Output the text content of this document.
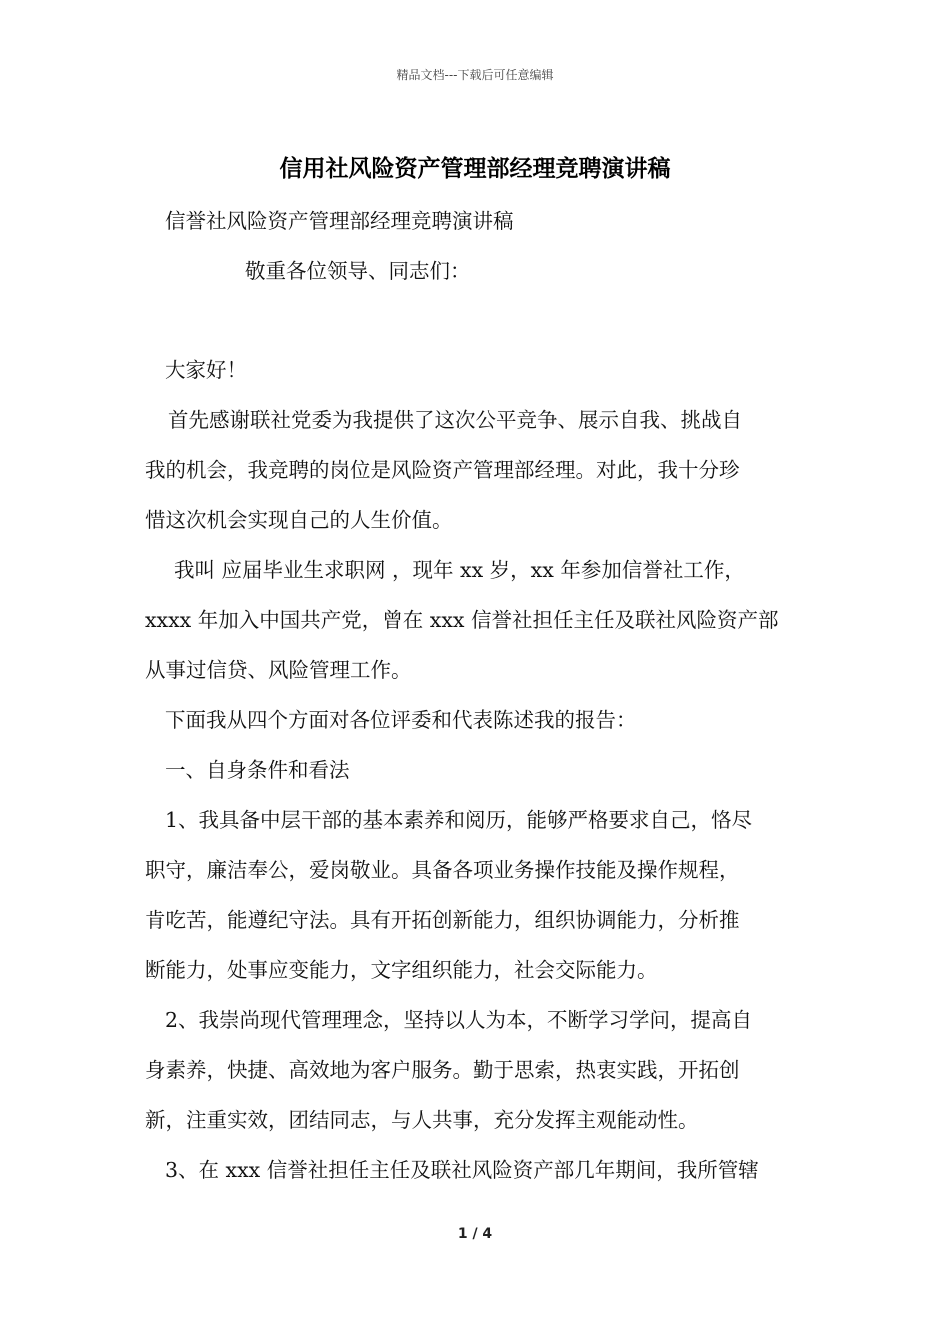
精品文档---下载后可任意编辑
信用社风险资产管理部经理竞聘演讲稿
信誉社风险资产管理部经理竞聘演讲稿
敬重各位领导、同志们：
大家好！
首先感谢联社党委为我提供了这次公平竞争、展示自我、挑战自
我的机会，我竞聘的岗位是风险资产管理部经理。对此，我十分珍
惜这次机会实现自己的人生价值。
我叫 应届毕业生求职网 ，现年 xx 岁，xx 年参加信誉社工作，
xxxx 年加入中国共产党，曾在 xxx 信誉社担任主任及联社风险资产部
从事过信贷、风险管理工作。
下面我从四个方面对各位评委和代表陈述我的报告：
一、自身条件和看法
1、我具备中层干部的基本素养和阅历，能够严格要求自己，恪尽
职守，廉洁奉公，爱岗敬业。具备各项业务操作技能及操作规程，
肯吃苦，能遵纪守法。具有开拓创新能力，组织协调能力，分析推
断能力，处事应变能力，文字组织能力，社会交际能力。
2、我崇尚现代管理理念，坚持以人为本，不断学习学问，提高自
身素养，快捷、高效地为客户服务。勤于思索，热衷实践，开拓创
新，注重实效，团结同志，与人共事，充分发挥主观能动性。
3、在 xxx 信誉社担任主任及联社风险资产部几年期间，我所管辖
1 / 4
